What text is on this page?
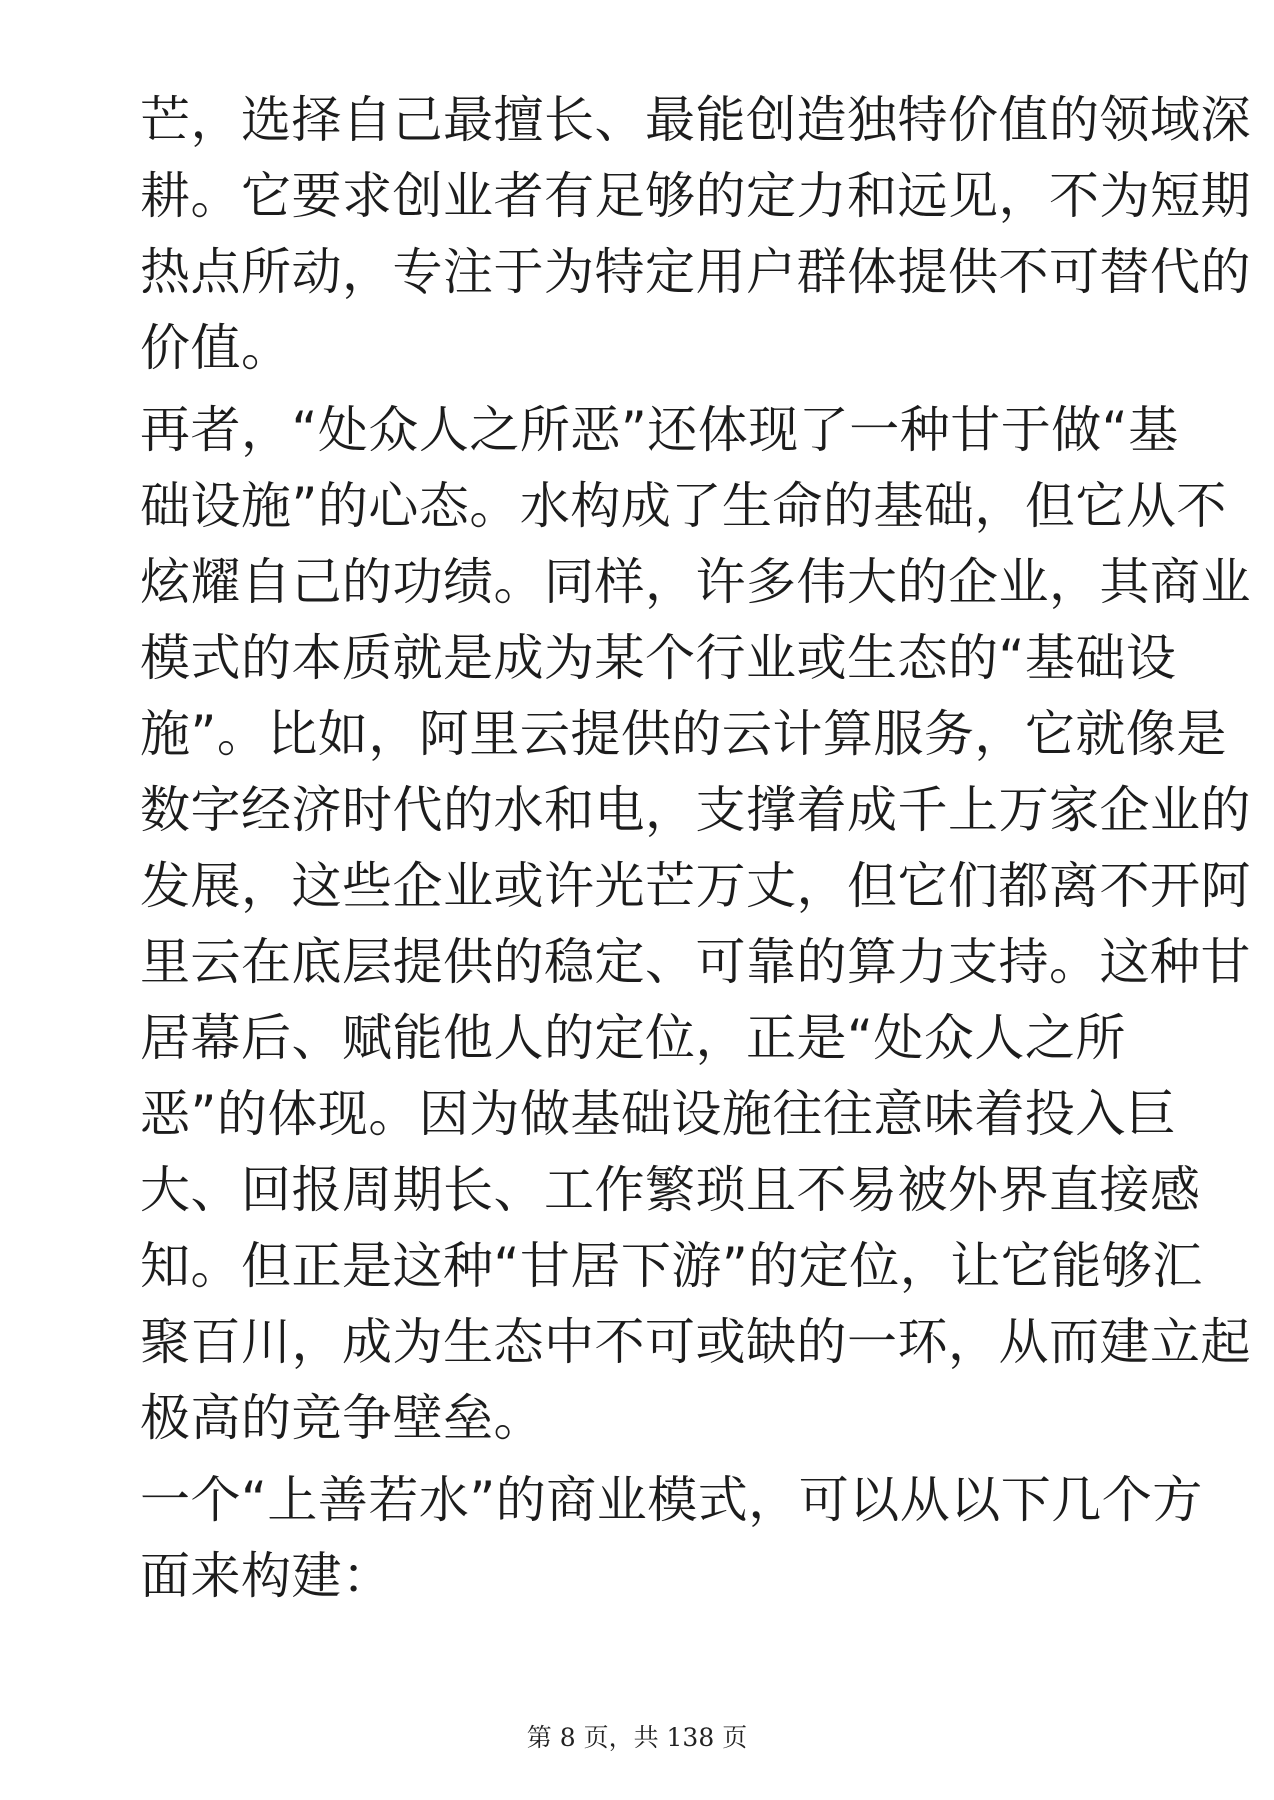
芒，选择自己最擅长、最能创造独特价值的领域深
耕。它要求创业者有足够的定力和远见，不为短期
热点所动，专注于为特定用户群体提供不可替代的
价值。
再者，“处众人之所恶”还体现了一种甘于做“基
础设施”的心态。水构成了生命的基础，但它从不
炫耀自己的功绩。同样，许多伟大的企业，其商业
模式的本质就是成为某个行业或生态的“基础设
施”。比如，阿里云提供的云计算服务，它就像是
数字经济时代的水和电，支撑着成千上万家企业的
发展，这些企业或许光芒万丈，但它们都离不开阿
里云在底层提供的稳定、可靠的算力支持。这种甘
居幕后、赋能他人的定位，正是“处众人之所
恶”的体现。因为做基础设施往往意味着投入巨
大、回报周期长、工作繁琐且不易被外界直接感
知。但正是这种“甘居下游”的定位，让它能够汇
聚百川，成为生态中不可或缺的一环，从而建立起
极高的竞争壁垒。
一个“上善若水”的商业模式，可以从以下几个方
面来构建：
第 8 页，共 138 页
